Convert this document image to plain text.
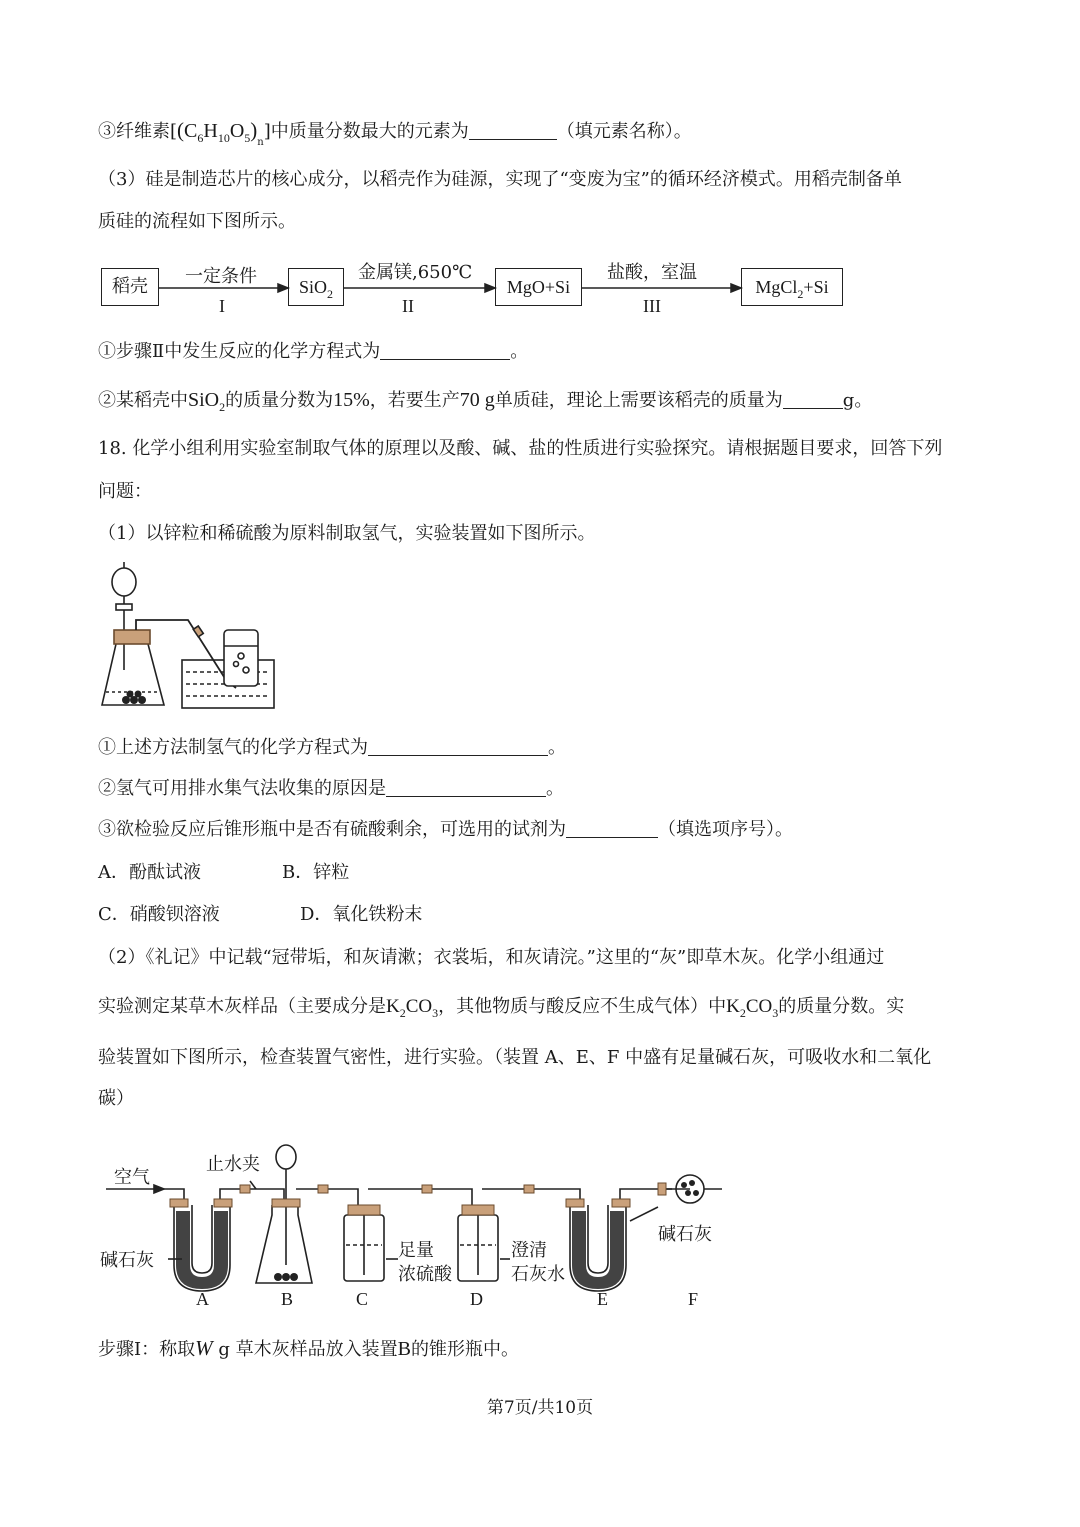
③纤维素$[(C_6H_{10}O_5)_n]$中质量分数最大的元素为	（填元素名称）。
（3）硅是制造芯片的核心成分，以稻壳作为硅源，实现了“变废为宝”的循环经济模式。用稻壳制备单
质硅的流程如下图所示。
稻壳	SiO$_2$	MgO+Si	MgCl$_2$+Si
一定条件
I
金属镁,650℃
II
盐酸，室温
III
①步骤Ⅱ中发生反应的化学方程式为	。
②某稻壳中SiO$_2$的质量分数为15%，若要生产70 g单质硅，理论上需要该稻壳的质量为	g。
18. 化学小组利用实验室制取气体的原理以及酸、碱、盐的性质进行实验探究。请根据题目要求，回答下列
问题：
（1）以锌粒和稀硫酸为原料制取氢气，实验装置如下图所示。
①上述方法制氢气的化学方程式为	。
②氢气可用排水集气法收集的原因是	。
③欲检验反应后锥形瓶中是否有硫酸剩余，可选用的试剂为	（填选项序号）。
A．酚酞试液	B．锌粒
C．硝酸钡溶液	D．氧化铁粉末
（2）《礼记》中记载“冠带垢，和灰请漱；衣裳垢，和灰请浣。”这里的“灰”即草木灰。化学小组通过
实验测定某草木灰样品（主要成分是$K_2CO_3$，其他物质与酸反应不生成气体）中$K_2CO_3$的质量分数。实
验装置如下图所示，检查装置气密性，进行实验。（装置 A、E、F 中盛有足量碱石灰，可吸收水和二氧化
碳）
空气
止水夹
碱石灰
碱石灰
足量
浓硫酸
澄清
石灰水
A	B	C	D	E	F
步骤Ⅰ：称取W g 草木灰样品放入装置B的锥形瓶中。
第7页/共10页
